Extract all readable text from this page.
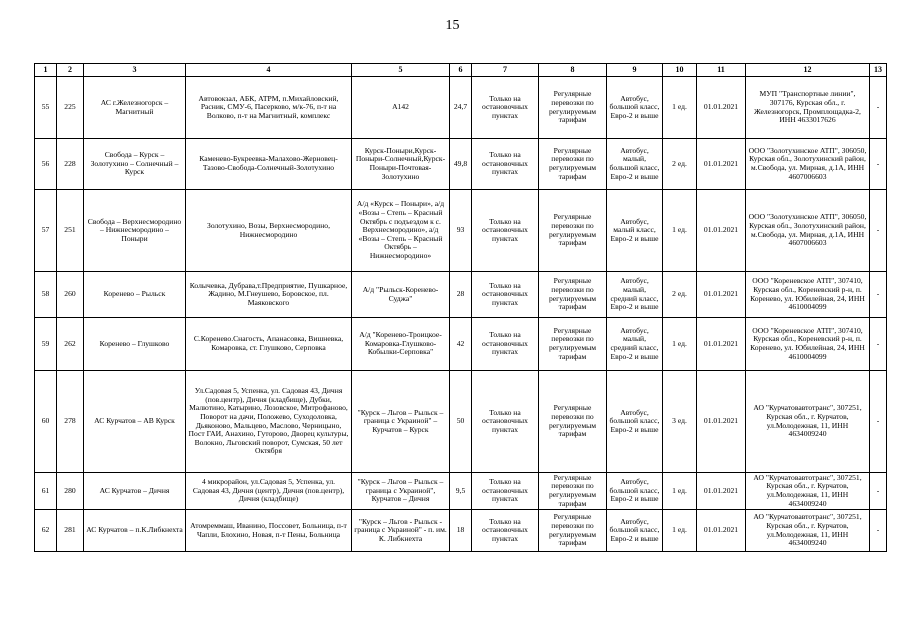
15
1	2	3	4	5	6	7	8	9	10	11	12	13
55	225	АС г.Железногорск – Магнитный	Автовокзал, АБК, АТРМ, п.Михайловский, Расник, СМУ-6, Пасерково, м/к-76, п-т на Волково, п-т на Магнитный, комплекс	А142	24,7	Только на остановочных пунктах	Регулярные перевозки по регулируемым тарифам	Автобус, большой класс, Евро-2 и выше	1 ед.	01.01.2021	МУП "Транспортные линии", 307176, Курская обл., г. Железногорск, Промплощадка-2, ИНН 4633017626	-
56	228	Свобода – Курск – Золотухино – Солнечный – Курск	Каменево-Букреевка-Малахово-Жерновец-Тазово-Свобода-Солнечный-Золотухино	Курск-Поныри,Курск-Поныри-Солнечный,Курск-Поныри-Почтовая-Золотухино	49,8	Только на остановочных пунктах	Регулярные перевозки по регулируемым тарифам	Автобус, малый, большой класс, Евро-2 и выше	2 ед.	01.01.2021	ООО "Золотухинское АТП", 306050, Курская обл., Золотухинский район, м.Свобода, ул. Мирная, д.1А, ИНН 4607006603	-
57	251	Свобода – Верхнесмородино – Нижнесмородино – Поныри	Золотухино, Возы, Верхнесмородино, Нижнесмородино	А/д «Курск – Поныри», а/д «Возы – Степь – Красный Октябрь с подъездом к с. Верхнесмородино», а/д «Возы – Степь – Красный Октябрь – Нижнесмородино»	93	Только на остановочных пунктах	Регулярные перевозки по регулируемым тарифам	Автобус, малый класс, Евро-2 и выше	1 ед.	01.01.2021	ООО "Золотухинское АТП", 306050, Курская обл., Золотухинский район, м.Свобода, ул. Мирная, д.1А, ИНН 4607006603	-
58	260	Коренево – Рыльск	Колычевка, Дубрава,т.Предприятие, Пушкарное, Жадино, М.Гнеушево, Боровское, пл. Маяковского	А/д "Рыльск-Коренево-Суджа"	28	Только на остановочных пунктах	Регулярные перевозки по регулируемым тарифам	Автобус, малый, средний класс, Евро-2 и выше	2 ед.	01.01.2021	ООО "Кореневское АТП", 307410, Курская обл., Кореневский р-н, п. Коренево, ул. Юбилейная, 24, ИНН 4610004099	-
59	262	Коренево – Глушково	С.Коренево.Снагость, Апанасовка, Вишневка, Комаровка, ст. Глушково, Серповка	А/д "Коренево-Троицкое-Комаровка-Глушково-Кобылки-Серповка"	42	Только на остановочных пунктах	Регулярные перевозки по регулируемым тарифам	Автобус, малый, средний класс, Евро-2 и выше	1 ед.	01.01.2021	ООО "Кореневское АТП", 307410, Курская обл., Кореневский р-н, п. Коренево, ул. Юбилейная, 24, ИНН 4610004099	-
60	278	АС Курчатов – АВ Курск	Ул.Садовая 5, Успенка, ул. Садовая 43, Дичня (пов.центр), Дичня (кладбище), Дубки, Малютино, Катырино, Лозовское, Митрофаново, Поворот на дачи, Положево, Суходоловка, Дьяконово, Мальцево, Маслово, Черницыно, Пост ГАИ, Анахино, Гуторово, Дворец культуры, Волокно, Льговский поворот, Сумская, 50 лет Октября	"Курск – Льгов – Рыльск – граница с Украиной" – Курчатов – Курск	50	Только на остановочных пунктах	Регулярные перевозки по регулируемым тарифам	Автобус, большой класс, Евро-2 и выше	3 ед.	01.01.2021	АО "Курчатовавтотранс", 307251, Курская обл., г. Курчатов, ул.Молодежная, 11, ИНН 4634009240	-
61	280	АС Курчатов – Дичня	4 микрорайон, ул.Садовая 5, Успенка, ул. Садовая 43, Дичня (центр), Дичня (пов.центр), Дичня (кладбище)	"Курск – Льгов – Рыльск – граница с Украиной", Курчатов – Дичня	9,5	Только на остановочных пунктах	Регулярные перевозки по регулируемым тарифам	Автобус, большой класс, Евро-2 и выше	1 ед.	01.01.2021	АО "Курчатовавтотранс", 307251, Курская обл., г. Курчатов, ул.Молодежная, 11, ИНН 4634009240	-
62	281	АС Курчатов – п.К.Либкнехта	Атомреммаш, Иванино, Поссовет, Больница, п-т Чапли, Блохино, Новая, п-т Пены, Больница	"Курск – Льгов - Рыльск - граница с Украиной" - п. им. К. Либкнехта	18	Только на остановочных пунктах	Регулярные перевозки по регулируемым тарифам	Автобус, большой класс, Евро-2 и выше	1 ед.	01.01.2021	АО "Курчатовавтотранс", 307251, Курская обл., г. Курчатов, ул.Молодежная, 11, ИНН 4634009240	-
